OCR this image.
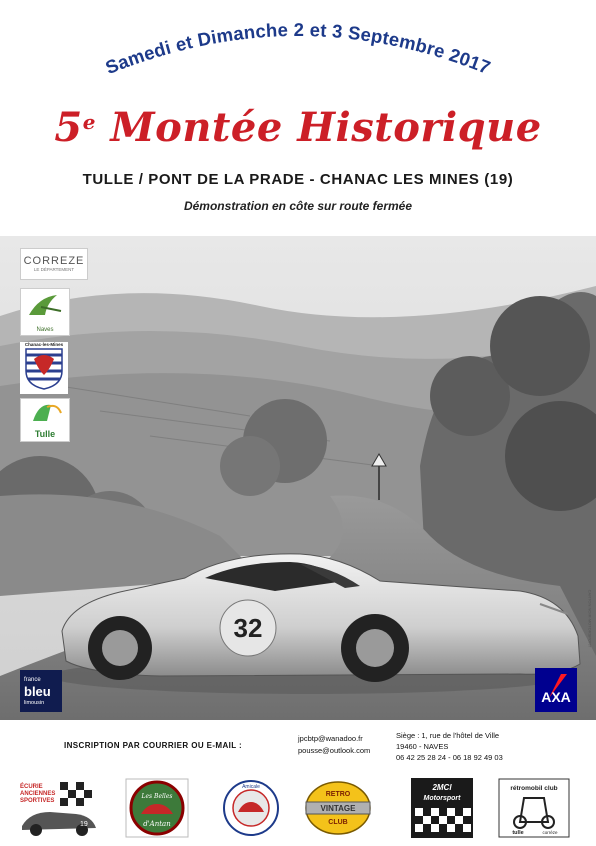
Samedi et Dimanche 2 et 3 Septembre 2017
5e Montée Historique
TULLE / PONT DE LA PRADE - CHANAC LES MINES (19)
Démonstration en côte sur route fermée
32
CORREZE
LE DÉPARTEMENT
Naves
Chanac-les-Mines
Tulle
france
bleu
limousin	AXA
CARTON NOIR-MOTORSPORT
INSCRIPTION PAR COURRIER OU E-MAIL :
jpcbtp@wanadoo.fr
pousse@outlook.com
Siège : 1, rue de l'hôtel de Ville
19460 - NAVES
06 42 25 28 24 - 06 18 92 49 03
ÉCURIE
ANCIENNES
SPORTIVES
19
Les Belles
d'Antan
Amicale
RETRO
VINTAGE
CLUB
2MCl
Motorsport
rétromobil club
tulle	corrèze
